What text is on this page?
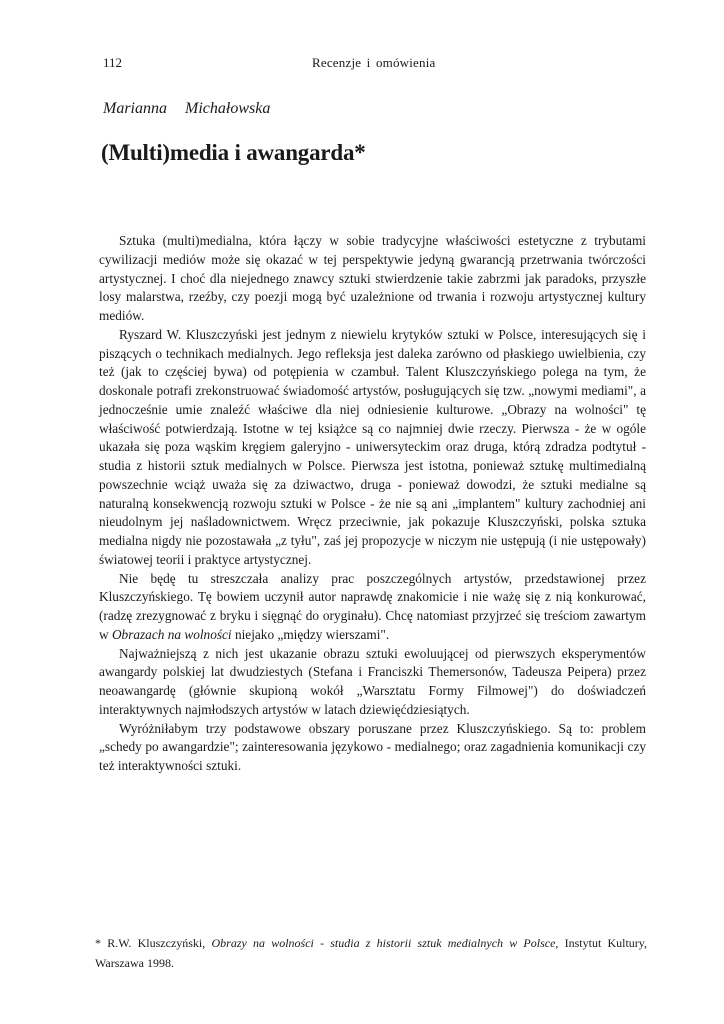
112	Recenzje i omówienia
Marianna Michałowska
(Multi)media i awangarda*

Sztuka (multi)medialna, która łączy w sobie tradycyjne właściwości estetyczne z trybutami cywilizacji mediów może się okazać w tej perspektywie jedyną gwarancją przetrwania twórczości artystycznej. I choć dla niejednego znawcy sztuki stwierdzenie takie zabrzmi jak paradoks, przyszłe losy malarstwa, rzeźby, czy poezji mogą być uzależnione od trwania i rozwoju artystycznej kultury mediów.

Ryszard W. Kluszczyński jest jednym z niewielu krytyków sztuki w Polsce, interesujących się i piszących o technikach medialnych. Jego refleksja jest daleka zarówno od płaskiego uwielbienia, czy też (jak to częściej bywa) od potępienia w czambuł. Talent Kluszczyńskiego polega na tym, że doskonale potrafi zrekonstruować świadomość artystów, posługujących się tzw. „nowymi mediami", a jednocześnie umie znaleźć właściwe dla niej odniesienie kulturowe. „Obrazy na wolności" tę właściwość potwierdzają. Istotne w tej książce są co najmniej dwie rzeczy. Pierwsza - że w ogóle ukazała się poza wąskim kręgiem galeryjno - uniwersyteckim oraz druga, którą zdradza podtytuł - studia z historii sztuk medialnych w Polsce. Pierwsza jest istotna, ponieważ sztukę multimedialną powszechnie wciąż uważa się za dziwactwo, druga - ponieważ dowodzi, że sztuki medialne są naturalną konsekwencją rozwoju sztuki w Polsce - że nie są ani „implantem" kultury zachodniej ani nieudolnym jej naśladownictwem. Wręcz przeciwnie, jak pokazuje Kluszczyński, polska sztuka medialna nigdy nie pozostawała „z tyłu", zaś jej propozycje w niczym nie ustępują (i nie ustępowały) światowej teorii i praktyce artystycznej.

Nie będę tu streszczała analizy prac poszczególnych artystów, przedstawionej przez Kluszczyńskiego. Tę bowiem uczynił autor naprawdę znakomicie i nie ważę się z nią konkurować, (radzę zrezygnować z bryku i sięgnąć do oryginału). Chcę natomiast przyjrzeć się treściom zawartym w Obrazach na wolności niejako „między wierszami".

Najważniejszą z nich jest ukazanie obrazu sztuki ewoluującej od pierwszych eksperymentów awangardy polskiej lat dwudziestych (Stefana i Franciszki Themersonów, Tadeusza Peipera) przez neoawangardę (głównie skupioną wokół „Warsztatu Formy Filmowej") do doświadczeń interaktywnych najmłodszych artystów w latach dziewięćdziesiątych.

Wyróżniłabym trzy podstawowe obszary poruszane przez Kluszczyńskiego. Są to: problem „schedy po awangardzie"; zainteresowania językowo - medialnego; oraz zagadnienia komunikacji czy też interaktywności sztuki.

* R.W. Kluszczyński, Obrazy na wolności - studia z historii sztuk medialnych w Polsce, Instytut Kultury, Warszawa 1998.
